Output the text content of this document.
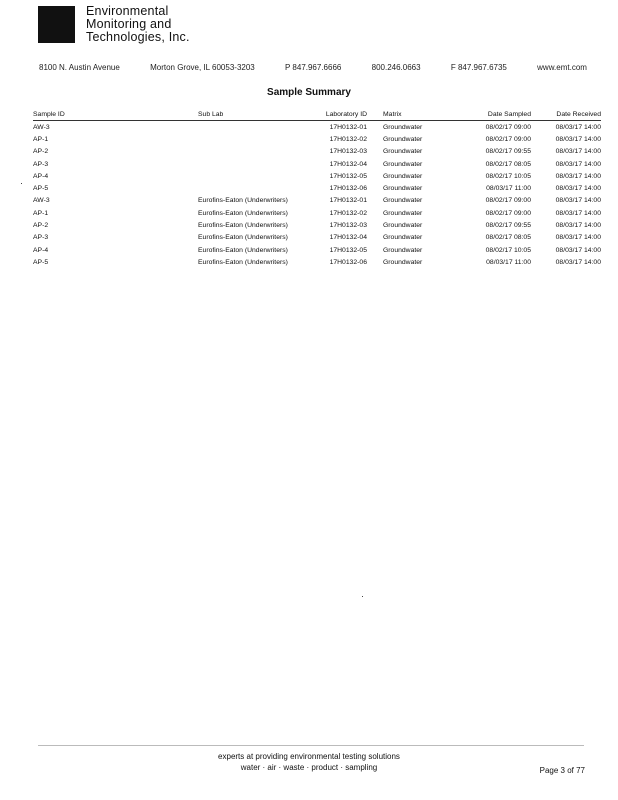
Environmental
Monitoring and
Technologies, Inc.
8100 N. Austin Avenue	Morton Grove, IL 60053-3203	P 847.967.6666	800.246.0663	F 847.967.6735	www.emt.com
Sample Summary
Sample ID	Sub Lab	Laboratory ID	Matrix	Date Sampled	Date Received
AW-3		17H0132-01	Groundwater	08/02/17 09:00	08/03/17 14:00
AP-1		17H0132-02	Groundwater	08/02/17 09:00	08/03/17 14:00
AP-2		17H0132-03	Groundwater	08/02/17 09:55	08/03/17 14:00
AP-3		17H0132-04	Groundwater	08/02/17 08:05	08/03/17 14:00
AP-4		17H0132-05	Groundwater	08/02/17 10:05	08/03/17 14:00
AP-5		17H0132-06	Groundwater	08/03/17 11:00	08/03/17 14:00
AW-3	Eurofins-Eaton (Underwriters)	17H0132-01	Groundwater	08/02/17 09:00	08/03/17 14:00
AP-1	Eurofins-Eaton (Underwriters)	17H0132-02	Groundwater	08/02/17 09:00	08/03/17 14:00
AP-2	Eurofins-Eaton (Underwriters)	17H0132-03	Groundwater	08/02/17 09:55	08/03/17 14:00
AP-3	Eurofins-Eaton (Underwriters)	17H0132-04	Groundwater	08/02/17 08:05	08/03/17 14:00
AP-4	Eurofins-Eaton (Underwriters)	17H0132-05	Groundwater	08/02/17 10:05	08/03/17 14:00
AP-5	Eurofins-Eaton (Underwriters)	17H0132-06	Groundwater	08/03/17 11:00	08/03/17 14:00
experts at providing environmental testing solutions
water · air · waste · product · sampling	Page 3 of 77
